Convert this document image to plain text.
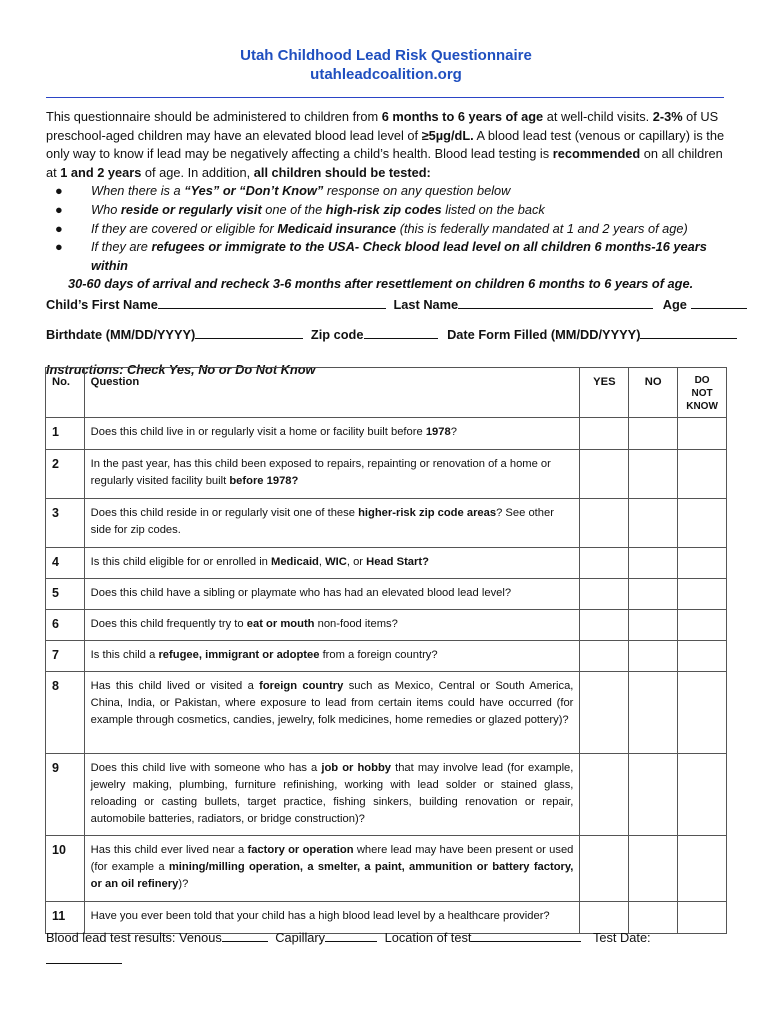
Utah Childhood Lead Risk Questionnaire
utahleadcoalition.org
This questionnaire should be administered to children from 6 months to 6 years of age at well-child visits. 2-3% of US preschool-aged children may have an elevated blood lead level of ≥5µg/dL. A blood lead test (venous or capillary) is the only way to know if lead may be negatively affecting a child’s health. Blood lead testing is recommended on all children at 1 and 2 years of age. In addition, all children should be tested:
● When there is a “Yes” or “Don’t Know” response on any question below
● Who reside or regularly visit one of the high-risk zip codes listed on the back
● If they are covered or eligible for Medicaid insurance (this is federally mandated at 1 and 2 years of age)
● If they are refugees or immigrate to the USA- Check blood lead level on all children 6 months-16 years within
30-60 days of arrival and recheck 3-6 months after resettlement on children 6 months to 6 years of age.
Child’s First Name	Last Name	Age
Birthdate (MM/DD/YYYY)	Zip code	Date Form Filled (MM/DD/YYYY)
Instructions: Check Yes, No or Do Not Know
No.	Question	YES	NO	DO NOT KNOW
1	Does this child live in or regularly visit a home or facility built before 1978?			
2	In the past year, has this child been exposed to repairs, repainting or renovation of a home or regularly visited facility built before 1978?			
3	Does this child reside in or regularly visit one of these higher-risk zip code areas? See other side for zip codes.			
4	Is this child eligible for or enrolled in Medicaid, WIC, or Head Start?			
5	Does this child have a sibling or playmate who has had an elevated blood lead level?			
6	Does this child frequently try to eat or mouth non-food items?			
7	Is this child a refugee, immigrant or adoptee from a foreign country?			
8	Has this child lived or visited a foreign country such as Mexico, Central or South America, China, India, or Pakistan, where exposure to lead from certain items could have occurred (for example through cosmetics, candies, jewelry, folk medicines, home remedies or glazed pottery)?			
9	Does this child live with someone who has a job or hobby that may involve lead (for example, jewelry making, plumbing, furniture refinishing, working with lead solder or stained glass, reloading or casting bullets, target practice, fishing sinkers, building renovation or repair, automobile batteries, radiators, or bridge construction)?			
10	Has this child ever lived near a factory or operation where lead may have been present or used (for example a mining/milling operation, a smelter, a paint, ammunition or battery factory, or an oil refinery)?			
11	Have you ever been told that your child has a high blood lead level by a healthcare provider?			
Blood lead test results: Venous	Capillary	Location of test	Test Date:
